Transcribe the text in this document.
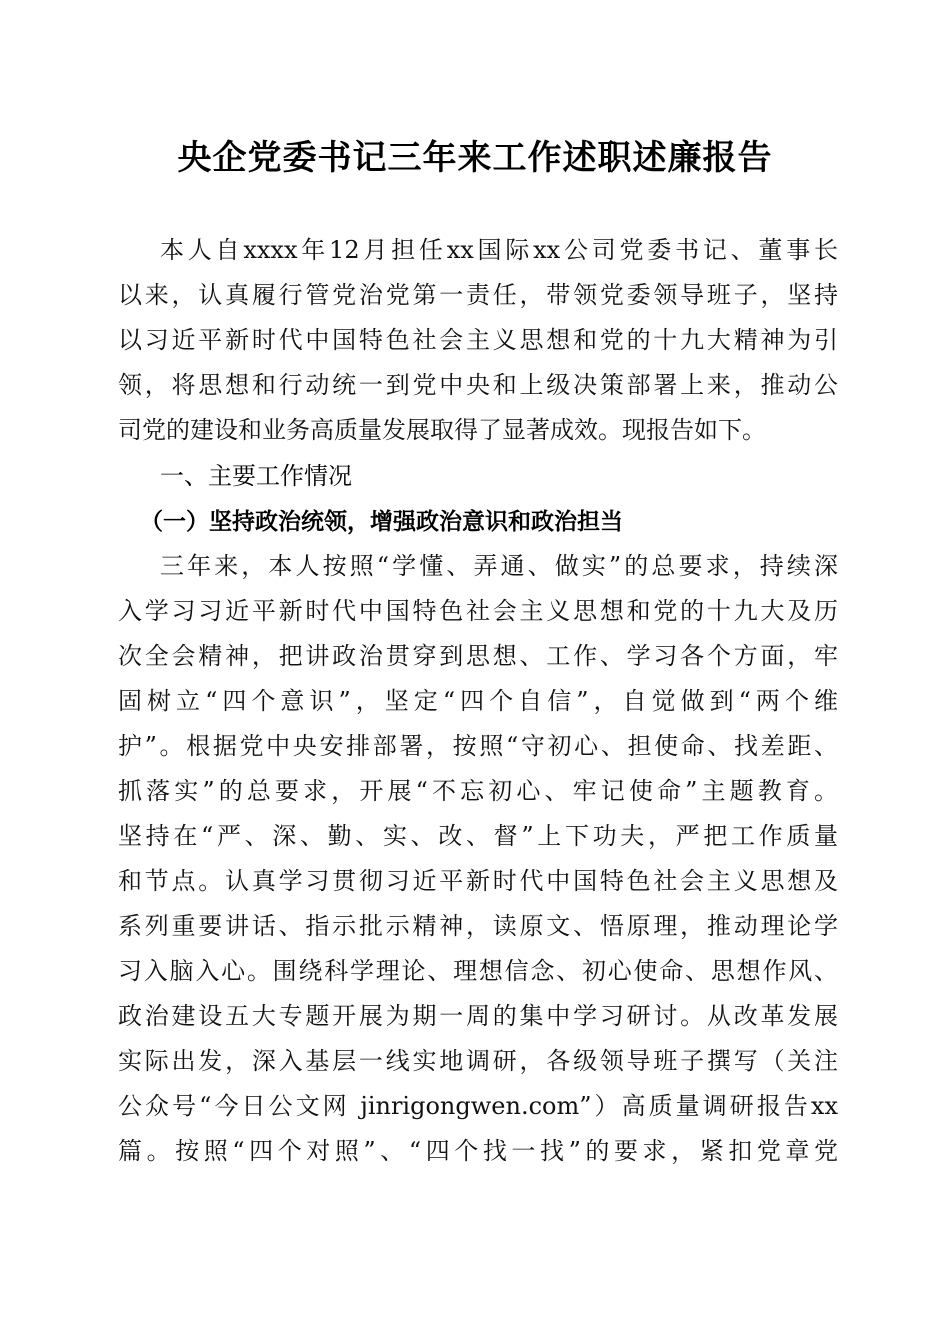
央企党委书记三年来工作述职述廉报告
本人自xxxx年12月担任xx国际xx公司党委书记、董事长
以来，认真履行管党治党第一责任，带领党委领导班子，坚持
以习近平新时代中国特色社会主义思想和党的十九大精神为引
领，将思想和行动统一到党中央和上级决策部署上来，推动公
司党的建设和业务高质量发展取得了显著成效。现报告如下。
一、主要工作情况
（一）坚持政治统领，增强政治意识和政治担当
三年来，本人按照“学懂、弄通、做实”的总要求，持续深
入学习习近平新时代中国特色社会主义思想和党的十九大及历
次全会精神，把讲政治贯穿到思想、工作、学习各个方面，牢
固树立“四个意识”，坚定“四个自信”，自觉做到“两个维
护”。根据党中央安排部署，按照“守初心、担使命、找差距、
抓落实”的总要求，开展“不忘初心、牢记使命”主题教育。
坚持在“严、深、勤、实、改、督”上下功夫，严把工作质量
和节点。认真学习贯彻习近平新时代中国特色社会主义思想及
系列重要讲话、指示批示精神，读原文、悟原理，推动理论学
习入脑入心。围绕科学理论、理想信念、初心使命、思想作风、
政治建设五大专题开展为期一周的集中学习研讨。从改革发展
实际出发，深入基层一线实地调研，各级领导班子撰写（关注
公众号“今日公文网 jinrigongwen.com”）高质量调研报告xx
篇。按照“四个对照”、“四个找一找”的要求，紧扣党章党
